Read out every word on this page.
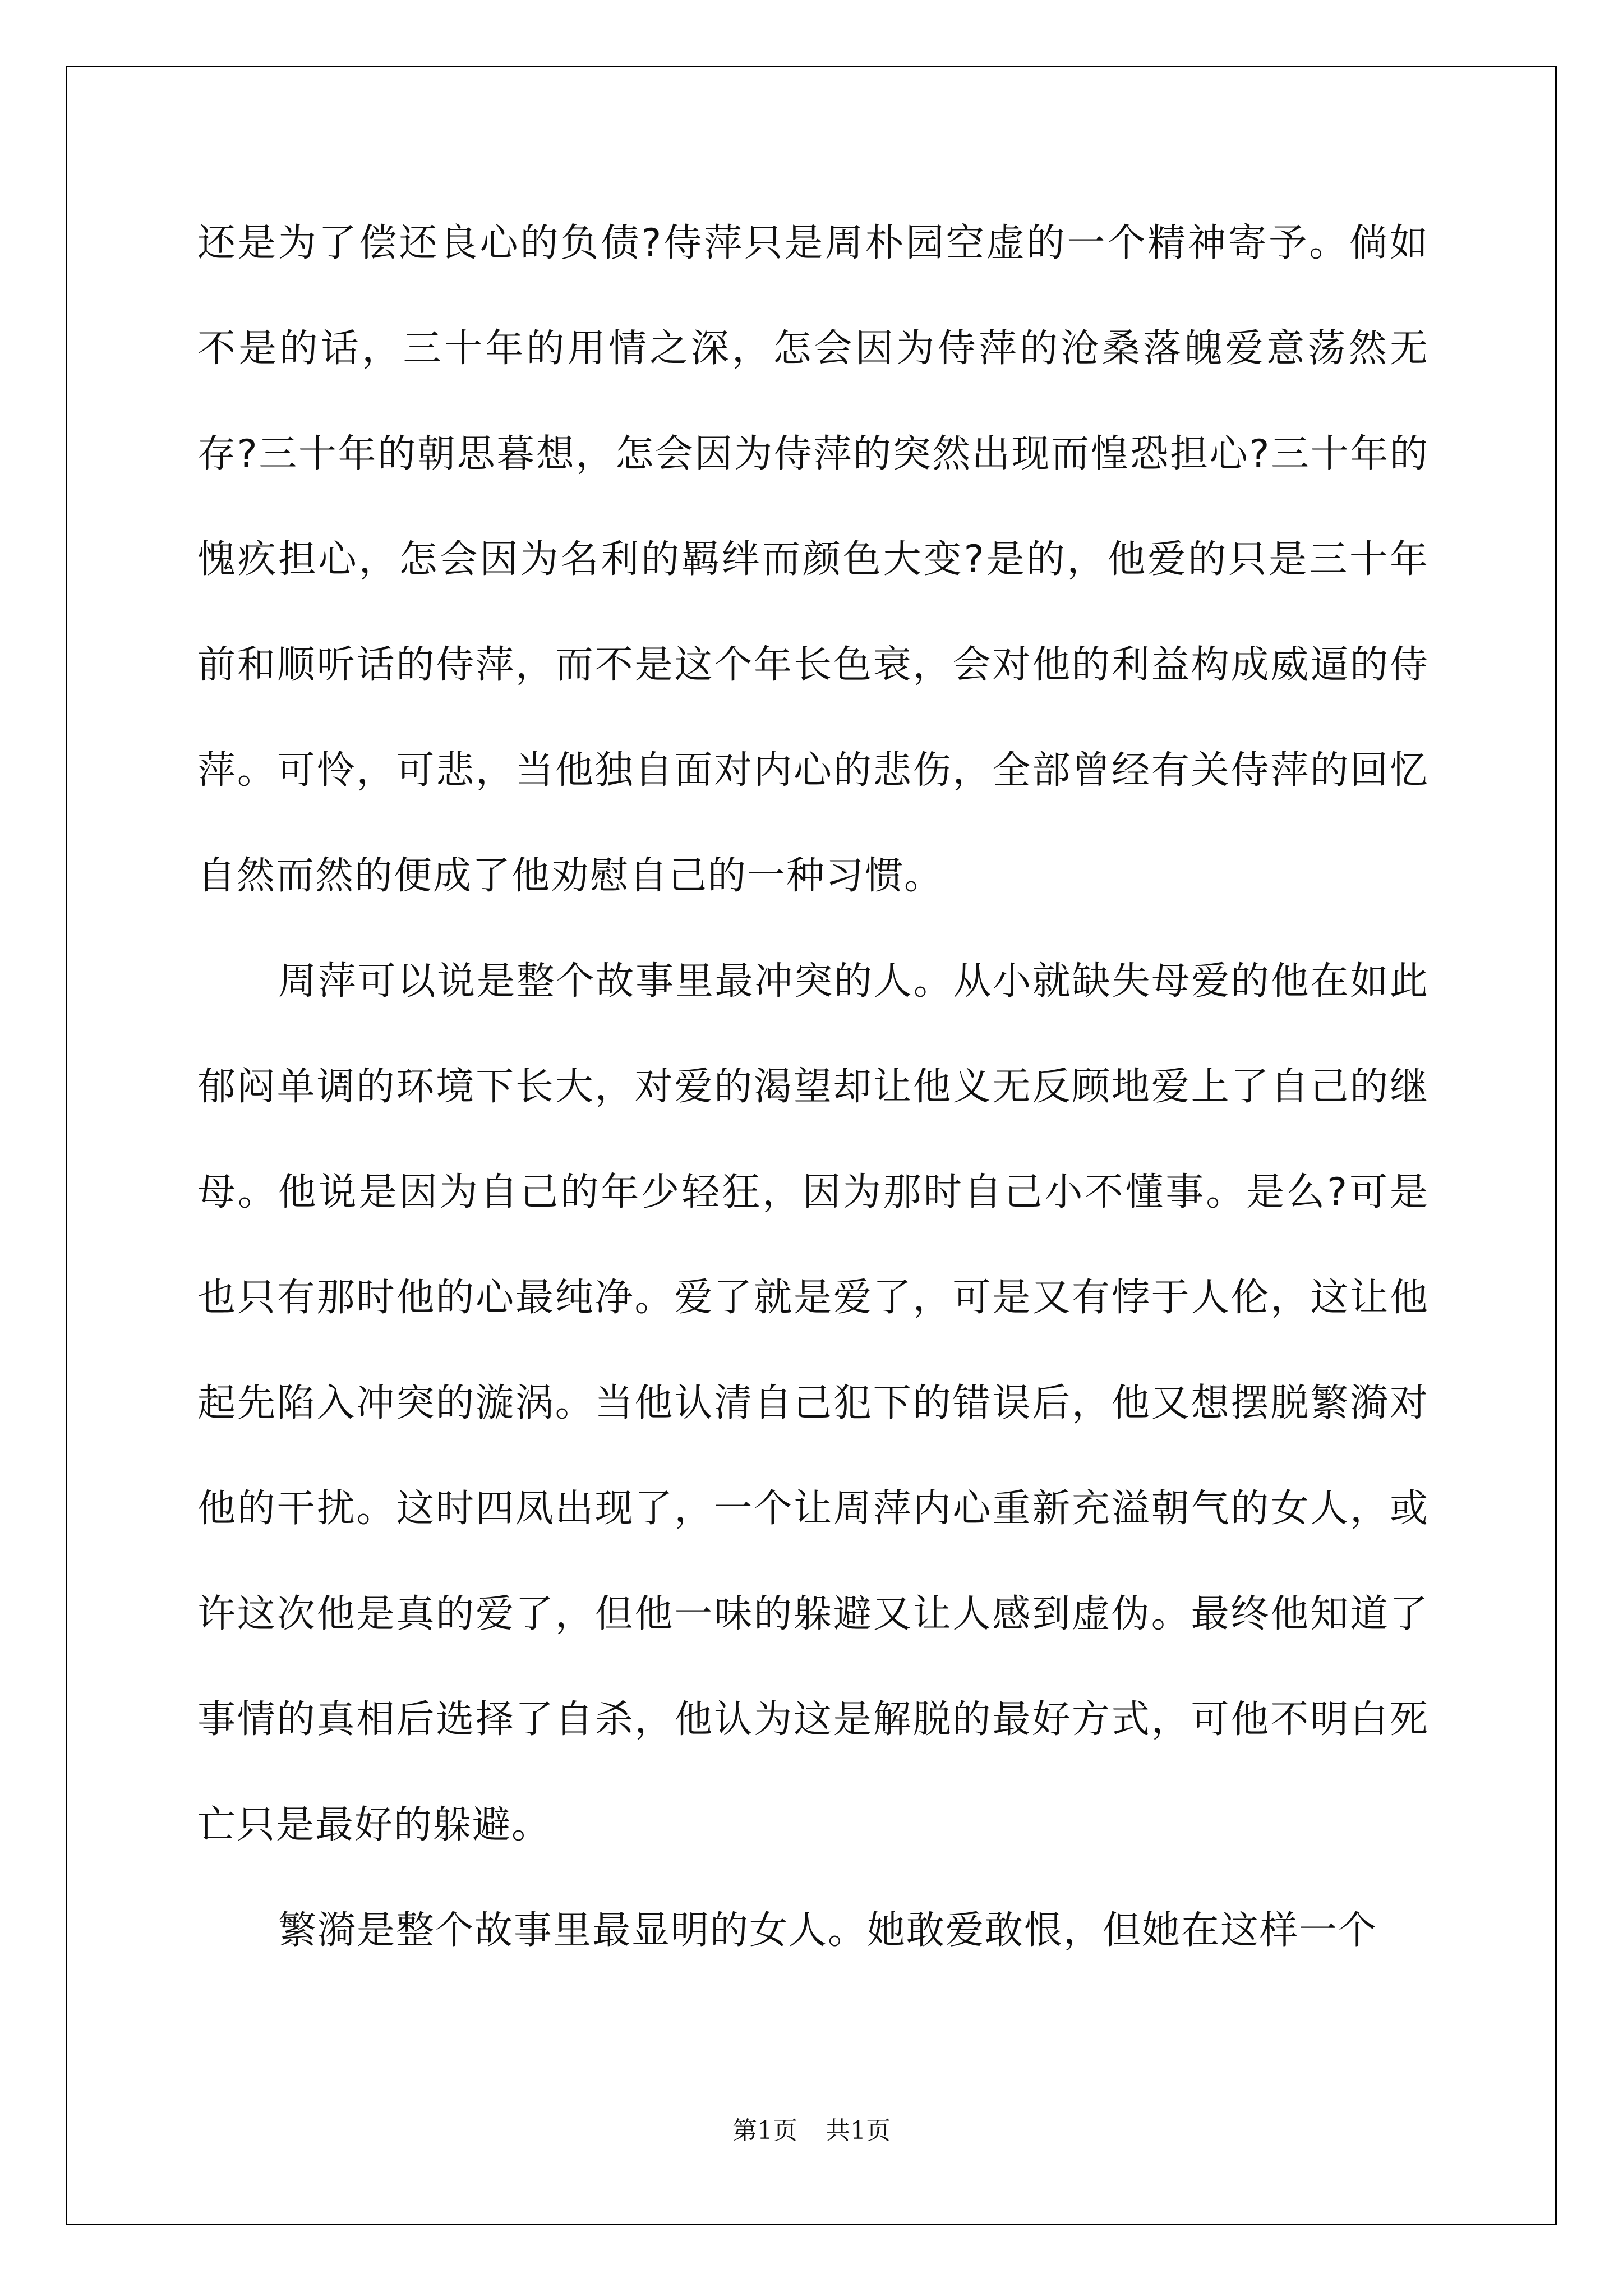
还是为了偿还良心的负债?侍萍只是周朴园空虚的一个精神寄予。倘如不是的话，三十年的用情之深，怎会因为侍萍的沧桑落魄爱意荡然无存?三十年的朝思暮想，怎会因为侍萍的突然出现而惶恐担心?三十年的愧疚担心，怎会因为名利的羁绊而颜色大变?是的，他爱的只是三十年前和顺听话的侍萍，而不是这个年长色衰，会对他的利益构成威逼的侍萍。可怜，可悲，当他独自面对内心的悲伤，全部曾经有关侍萍的回忆自然而然的便成了他劝慰自己的一种习惯。

周萍可以说是整个故事里最冲突的人。从小就缺失母爱的他在如此郁闷单调的环境下长大，对爱的渴望却让他义无反顾地爱上了自己的继母。他说是因为自己的年少轻狂，因为那时自己小不懂事。是么?可是也只有那时他的心最纯净。爱了就是爱了，可是又有悖于人伦，这让他起先陷入冲突的漩涡。当他认清自己犯下的错误后，他又想摆脱繁漪对他的干扰。这时四凤出现了，一个让周萍内心重新充溢朝气的女人，或许这次他是真的爱了，但他一味的躲避又让人感到虚伪。最终他知道了事情的真相后选择了自杀，他认为这是解脱的最好方式，可他不明白死亡只是最好的躲避。

繁漪是整个故事里最显明的女人。她敢爱敢恨，但她在这样一个

第1页 共1页
